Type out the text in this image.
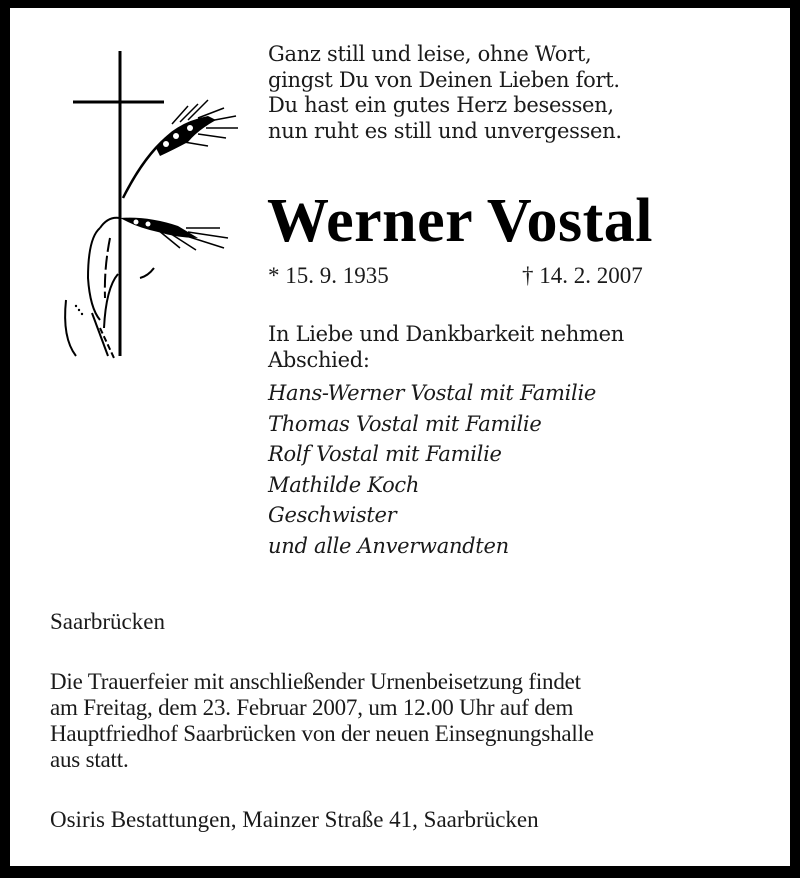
Ganz still und leise, ohne Wort,
gingst Du von Deinen Lieben fort.
Du hast ein gutes Herz besessen,
nun ruht es still und unvergessen.
Werner Vostal
* 15. 9. 1935	† 14. 2. 2007
In Liebe und Dankbarkeit nehmen
Abschied:
Hans-Werner Vostal mit Familie
Thomas Vostal mit Familie
Rolf Vostal mit Familie
Mathilde Koch
Geschwister
und alle Anverwandten
Saarbrücken
Die Trauerfeier mit anschließender Urnenbeisetzung findet
am Freitag, dem 23. Februar 2007, um 12.00 Uhr auf dem
Hauptfriedhof Saarbrücken von der neuen Einsegnungshalle
aus statt.
Osiris Bestattungen, Mainzer Straße 41, Saarbrücken
